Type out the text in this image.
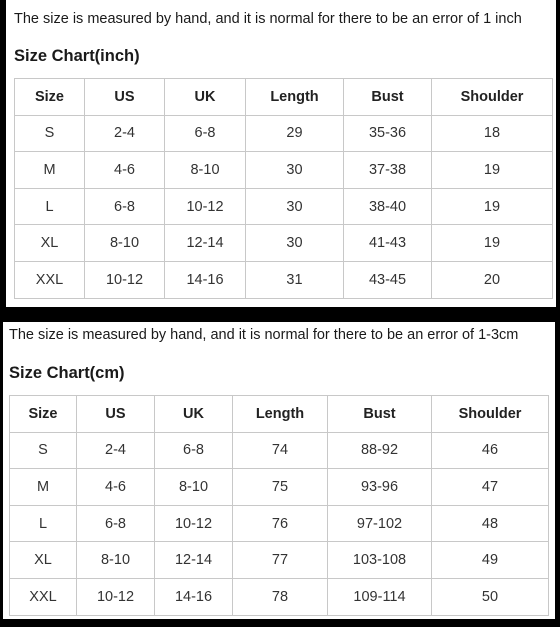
The size is measured by hand, and it is normal for there to be an error of 1 inch
Size Chart(inch)
Size	US	UK	Length	Bust	Shoulder
S	2-4	6-8	29	35-36	18
M	4-6	8-10	30	37-38	19
L	6-8	10-12	30	38-40	19
XL	8-10	12-14	30	41-43	19
XXL	10-12	14-16	31	43-45	20
The size is measured by hand, and it is normal for there to be an error of 1-3cm
Size Chart(cm)
Size	US	UK	Length	Bust	Shoulder
S	2-4	6-8	74	88-92	46
M	4-6	8-10	75	93-96	47
L	6-8	10-12	76	97-102	48
XL	8-10	12-14	77	103-108	49
XXL	10-12	14-16	78	109-114	50
